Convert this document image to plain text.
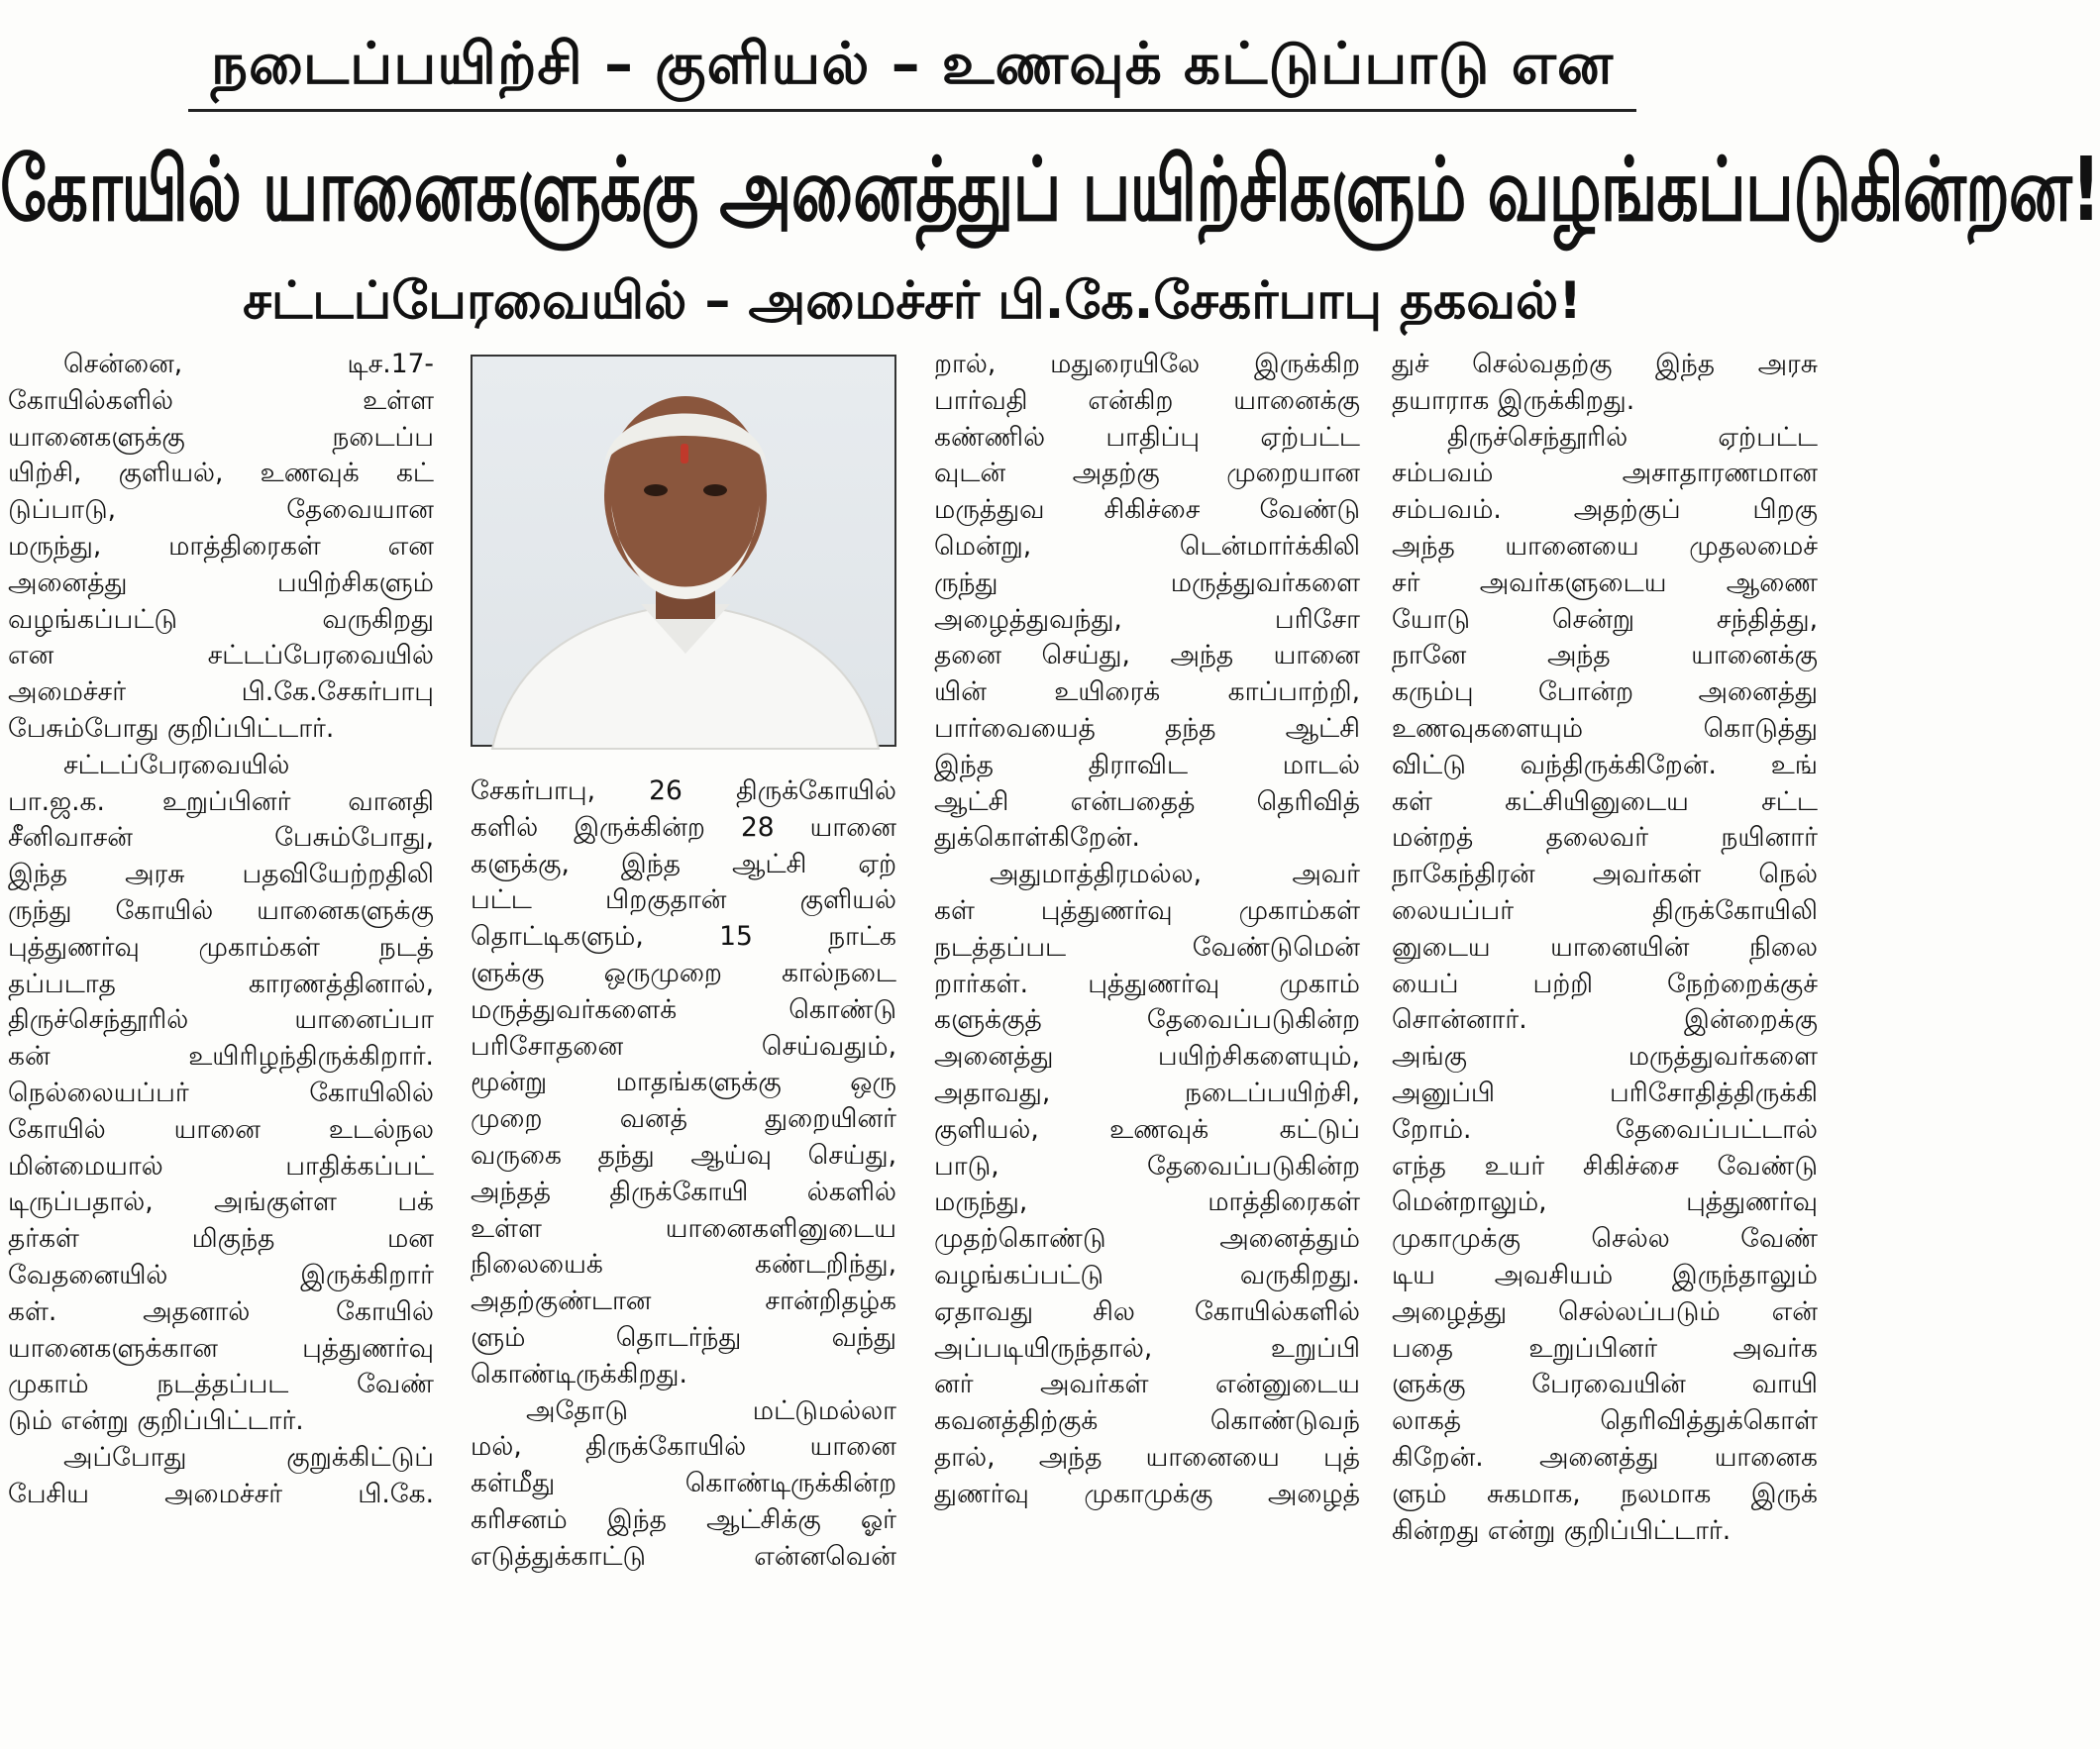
நடைப்பயிற்சி – குளியல் – உணவுக் கட்டுப்பாடு என
கோயில் யானைகளுக்கு அனைத்துப் பயிற்சிகளும் வழங்கப்படுகின்றன!
சட்டப்பேரவையில் – அமைச்சர் பி.கே.சேகர்பாபு தகவல்!
சென்னை, டிச.17-
கோயில்களில் உள்ள
யானைகளுக்கு நடைப்ப
யிற்சி, குளியல், உணவுக் கட்
டுப்பாடு, தேவையான
மருந்து, மாத்திரைகள் என
அனைத்து பயிற்சிகளும்
வழங்கப்பட்டு வருகிறது
என சட்டப்பேரவையில்
அமைச்சர் பி.கே.சேகர்பாபு
பேசும்போது குறிப்பிட்டார்.
சட்டப்பேரவையில்
பா.ஜ.க. உறுப்பினர் வானதி
சீனிவாசன் பேசும்போது,
இந்த அரசு பதவியேற்றதிலி
ருந்து கோயில் யானைகளுக்கு
புத்துணர்வு முகாம்கள் நடத்
தப்படாத காரணத்தினால்,
திருச்செந்தூரில் யானைப்பா
கன் உயிரிழந்திருக்கிறார்.
நெல்லையப்பர் கோயிலில்
கோயில் யானை உடல்நல
மின்மையால் பாதிக்கப்பட்
டிருப்பதால், அங்குள்ள பக்
தர்கள் மிகுந்த மன
வேதனையில் இருக்கிறார்
கள். அதனால் கோயில்
யானைகளுக்கான புத்துணர்வு
முகாம் நடத்தப்பட வேண்
டும் என்று குறிப்பிட்டார்.
அப்போது குறுக்கிட்டுப்
பேசிய அமைச்சர் பி.கே.
சேகர்பாபு, 26 திருக்கோயில்
களில் இருக்கின்ற 28 யானை
களுக்கு, இந்த ஆட்சி ஏற்
பட்ட பிறகுதான் குளியல்
தொட்டிகளும், 15 நாட்க
ளுக்கு ஒருமுறை கால்நடை
மருத்துவர்களைக் கொண்டு
பரிசோதனை செய்வதும்,
மூன்று மாதங்களுக்கு ஒரு
முறை வனத் துறையினர்
வருகை தந்து ஆய்வு செய்து,
அந்தத் திருக்கோயி ல்களில்
உள்ள யானைகளினுடைய
நிலையைக் கண்டறிந்து,
அதற்குண்டான சான்றிதழ்க
ளும் தொடர்ந்து வந்து
கொண்டிருக்கிறது.
அதோடு மட்டுமல்லா
மல், திருக்கோயில் யானை
கள்மீது கொண்டிருக்கின்ற
கரிசனம் இந்த ஆட்சிக்கு ஓர்
எடுத்துக்காட்டு என்னவென்
றால், மதுரையிலே இருக்கிற
பார்வதி என்கிற யானைக்கு
கண்ணில் பாதிப்பு ஏற்பட்ட
வுடன் அதற்கு முறையான
மருத்துவ சிகிச்சை வேண்டு
மென்று, டென்மார்க்கிலி
ருந்து மருத்துவர்களை
அழைத்துவந்து, பரிசோ
தனை செய்து, அந்த யானை
யின் உயிரைக் காப்பாற்றி,
பார்வையைத் தந்த ஆட்சி
இந்த திராவிட மாடல்
ஆட்சி என்பதைத் தெரிவித்
துக்கொள்கிறேன்.
அதுமாத்திரமல்ல, அவர்
கள் புத்துணர்வு முகாம்கள்
நடத்தப்பட வேண்டுமென்
றார்கள். புத்துணர்வு முகாம்
களுக்குத் தேவைப்படுகின்ற
அனைத்து பயிற்சிகளையும்,
அதாவது, நடைப்பயிற்சி,
குளியல், உணவுக் கட்டுப்
பாடு, தேவைப்படுகின்ற
மருந்து, மாத்திரைகள்
முதற்கொண்டு அனைத்தும்
வழங்கப்பட்டு வருகிறது.
ஏதாவது சில கோயில்களில்
அப்படியிருந்தால், உறுப்பி
னர் அவர்கள் என்னுடைய
கவனத்திற்குக் கொண்டுவந்
தால், அந்த யானையை புத்
துணர்வு முகாமுக்கு அழைத்
துச் செல்வதற்கு இந்த அரசு
தயாராக இருக்கிறது.
திருச்செந்தூரில் ஏற்பட்ட
சம்பவம் அசாதாரணமான
சம்பவம். அதற்குப் பிறகு
அந்த யானையை முதலமைச்
சர் அவர்களுடைய ஆணை
யோடு சென்று சந்தித்து,
நானே அந்த யானைக்கு
கரும்பு போன்ற அனைத்து
உணவுகளையும் கொடுத்து
விட்டு வந்திருக்கிறேன். உங்
கள் கட்சியினுடைய சட்ட
மன்றத் தலைவர் நயினார்
நாகேந்திரன் அவர்கள் நெல்
லையப்பர் திருக்கோயிலி
னுடைய யானையின் நிலை
யைப் பற்றி நேற்றைக்குச்
சொன்னார். இன்றைக்கு
அங்கு மருத்துவர்களை
அனுப்பி பரிசோதித்திருக்கி
றோம். தேவைப்பட்டால்
எந்த உயர் சிகிச்சை வேண்டு
மென்றாலும், புத்துணர்வு
முகாமுக்கு செல்ல வேண்
டிய அவசியம் இருந்தாலும்
அழைத்து செல்லப்படும் என்
பதை உறுப்பினர் அவர்க
ளுக்கு பேரவையின் வாயி
லாகத் தெரிவித்துக்கொள்
கிறேன். அனைத்து யானைக
ளும் சுகமாக, நலமாக இருக்
கின்றது என்று குறிப்பிட்டார்.
